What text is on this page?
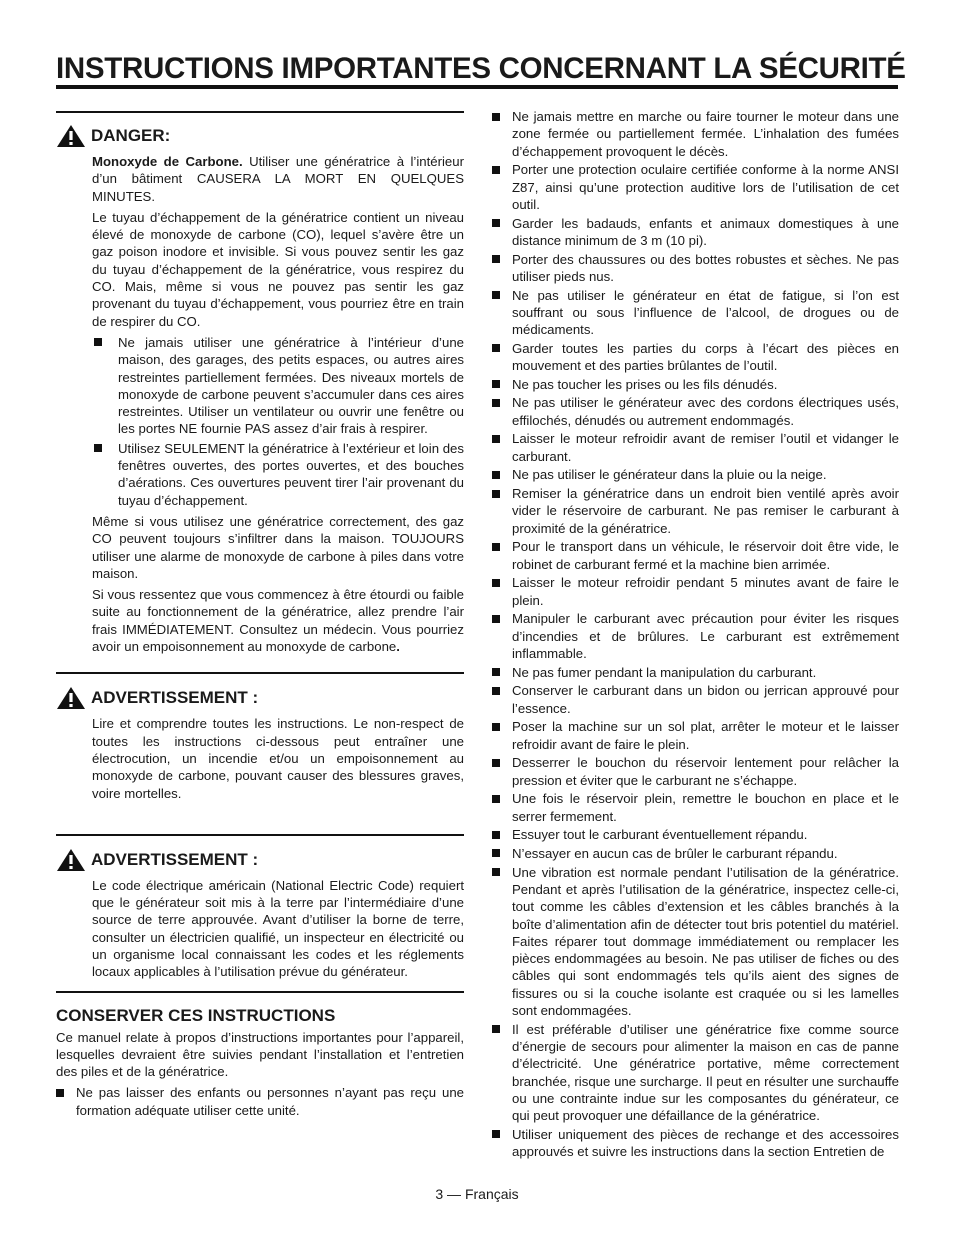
INSTRUCTIONS IMPORTANTES CONCERNANT LA SÉCURITÉ
DANGER:

Monoxyde de Carbone. Utiliser une génératrice à l’intérieur d’un bâtiment CAUSERA LA MORT EN QUELQUES MINUTES.

Le tuyau d’échappement de la génératrice contient un niveau élevé de monoxyde de carbone (CO), lequel s’avère être un gaz poison inodore et invisible. Si vous pouvez sentir les gaz du tuyau d’échappement de la génératrice, vous respirez du CO. Mais, même si vous ne pouvez pas sentir les gaz provenant du tuyau d’échappement, vous pourriez être en train de respirer du CO.

Ne jamais utiliser une génératrice à l’intérieur d’une maison, des garages, des petits espaces, ou autres aires restreintes partiellement fermées. Des niveaux mortels de monoxyde de carbone peuvent s’accumuler dans ces aires restreintes. Utiliser un ventilateur ou ouvrir une fenêtre ou les portes NE fournie PAS assez d’air frais à respirer.
Utilisez SEULEMENT la génératrice à l’extérieur et loin des fenêtres ouvertes, des portes ouvertes, et des bouches d’aérations. Ces ouvertures peuvent tirer l’air provenant du tuyau d’échappement.

Même si vous utilisez une génératrice correctement, des gaz CO peuvent toujours s’infiltrer dans la maison. TOUJOURS utiliser une alarme de monoxyde de carbone à piles dans votre maison.

Si vous ressentez que vous commencez à être étourdi ou faible suite au fonctionnement de la génératrice, allez prendre l’air frais IMMÉDIATEMENT. Consultez un médecin. Vous pourriez avoir un empoisonnement au monoxyde de carbone.

ADVERTISSEMENT :

Lire et comprendre toutes les instructions. Le non-respect de toutes les instructions ci-dessous peut entraîner une électrocution, un incendie et/ou un empoisonnement au monoxyde de carbone, pouvant causer des blessures graves, voire mortelles.

ADVERTISSEMENT :

Le code électrique américain (National Electric Code) requiert que le générateur soit mis à la terre par l’intermédiaire d’une source de terre approuvée. Avant d’utiliser la borne de terre, consulter un électricien qualifié, un inspecteur en électricité ou un organisme local connaissant les codes et les réglements locaux applicables à l’utilisation prévue du générateur.

CONSERVER CES INSTRUCTIONS

Ce manuel relate à propos d’instructions importantes pour l’appareil, lesquelles devraient être suivies pendant l’installation et l’entretien des piles et de la génératrice.

Ne pas laisser des enfants ou personnes n’ayant pas reçu une formation adéquate utiliser cette unité.
Ne jamais mettre en marche ou faire tourner le moteur dans une zone fermée ou partiellement fermée. L’inhalation des fumées d’échappement provoquent le décès.
Porter une protection oculaire certifiée conforme à la norme ANSI Z87, ainsi qu’une protection auditive lors de l’utilisation de cet outil.
Garder les badauds, enfants et animaux domestiques à une distance minimum de 3 m (10 pi).
Porter des chaussures ou des bottes robustes et sèches. Ne pas utiliser pieds nus.
Ne pas utiliser le générateur en état de fatigue, si l’on est souffrant ou sous l’influence de l’alcool, de drogues ou de médicaments.
Garder toutes les parties du corps à l’écart des pièces en mouvement et des parties brûlantes de l’outil.
Ne pas toucher les prises ou les fils dénudés.
Ne pas utiliser le générateur avec des cordons électriques usés, effilochés, dénudés ou autrement endommagés.
Laisser le moteur refroidir avant de remiser l’outil et vidanger le carburant.
Ne pas utiliser le générateur dans la pluie ou la neige.
Remiser la génératrice dans un endroit bien ventilé après avoir vider le réservoire de carburant. Ne pas remiser le carburant à proximité de la génératrice.
Pour le transport dans un véhicule, le réservoir doit être vide, le robinet de carburant fermé et la machine bien arrimée.
Laisser le moteur refroidir pendant 5 minutes avant de faire le plein.
Manipuler le carburant avec précaution pour éviter les risques d’incendies et de brûlures. Le carburant est extrêmement inflammable.
Ne pas fumer pendant la manipulation du carburant.
Conserver le carburant dans un bidon ou jerrican approuvé pour l’essence.
Poser la machine sur un sol plat, arrêter le moteur et le laisser refroidir avant de faire le plein.
Desserrer le bouchon du réservoir lentement pour relâcher la pression et éviter que le carburant ne s’échappe.
Une fois le réservoir plein, remettre le bouchon en place et le serrer fermement.
Essuyer tout le carburant éventuellement répandu.
N’essayer en aucun cas de brûler le carburant répandu.
Une vibration est normale pendant l’utilisation de la génératrice. Pendant et après l’utilisation de la génératrice, inspectez celle-ci, tout comme les câbles d’extension et les câbles branchés à la boîte d’alimentation afin de détecter tout bris potentiel du matériel. Faites réparer tout dommage immédiatement ou remplacer les pièces endommagées au besoin. Ne pas utiliser de fiches ou des câbles qui sont endommagés tels qu’ils aient des signes de fissures ou si la couche isolante est craquée ou si les lamelles sont endommagées.
Il est préférable d’utiliser une génératrice fixe comme source d’énergie de secours pour alimenter la maison en cas de panne d’électricité. Une génératrice portative, même correctement branchée, risque une surcharge. Il peut en résulter une surchauffe ou une contrainte indue sur les composantes du générateur, ce qui peut provoquer une défaillance de la génératrice.
Utiliser uniquement des pièces de rechange et des accessoires approuvés et suivre les instructions dans la section Entretien de
3 — Français
